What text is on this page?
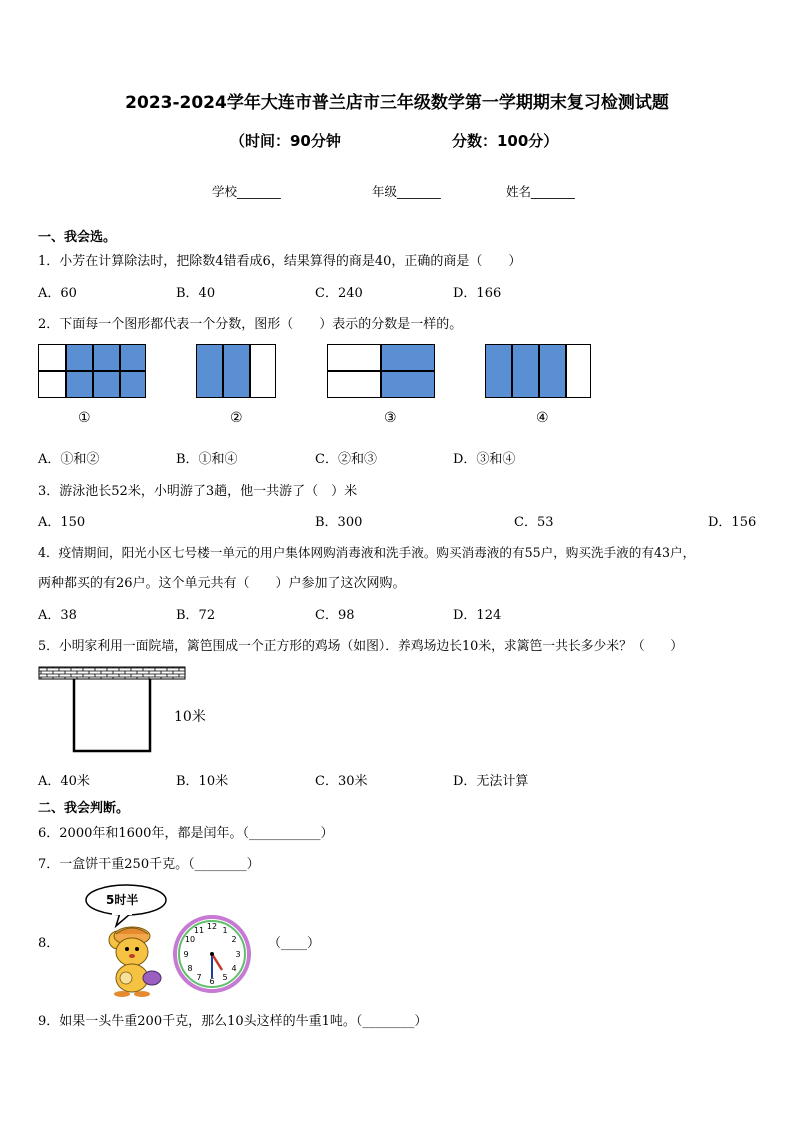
2023-2024学年大连市普兰店市三年级数学第一学期期末复习检测试题
（时间：90分钟	分数：100分）
学校_______	年级_______	姓名_______
一、我会选。
1．小芳在计算除法时，把除数4错看成6，结果算得的商是40，正确的商是（　　）
A．60	B．40	C．240	D．166
2．下面每一个图形都代表一个分数，图形（　　）表示的分数是一样的。
①	②	③	④
A．①和②	B．①和④	C．②和③	D．③和④
3．游泳池长52米，小明游了3趟，他一共游了（　）米
A．150	B．300	C．53	D．156
4．疫情期间，阳光小区七号楼一单元的用户集体网购消毒液和洗手液。购买消毒液的有55户，购买洗手液的有43户，
两种都买的有26户。这个单元共有（　　）户参加了这次网购。
A．38	B．72	C．98	D．124
5．小明家利用一面院墙，篱笆围成一个正方形的鸡场（如图）．养鸡场边长10米，求篱笆一共长多少米？（　　）
10米
A．40米	B．10米	C．30米	D．无法计算
二、我会判断。
6．2000年和1600年，都是闰年。（___________）
7．一盒饼干重250千克。（________）
8．
5时半
12 1
2
3
4
5
6
7
8
9
10
11
（____）
9．如果一头牛重200千克，那么10头这样的牛重1吨。（________）
